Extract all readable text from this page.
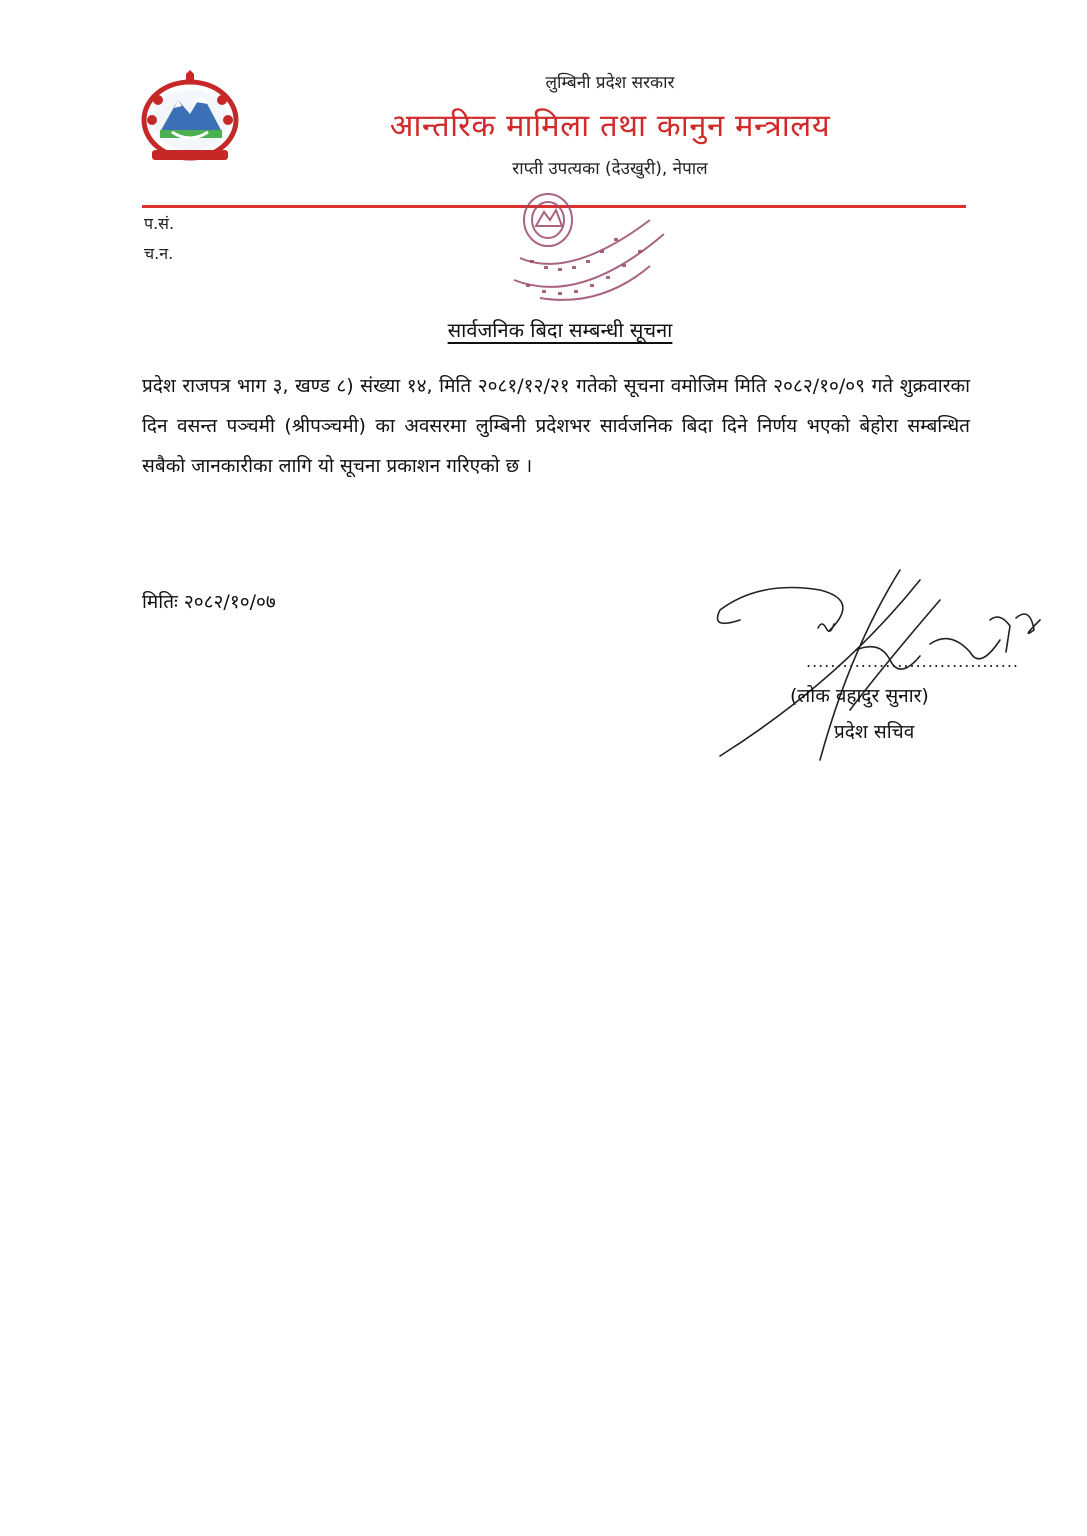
लुम्बिनी प्रदेश सरकार
आन्तरिक मामिला तथा कानुन मन्त्रालय
राप्ती उपत्यका (देउखुरी), नेपाल
प.सं.
च.न.
सार्वजनिक बिदा सम्बन्धी सूचना
प्रदेश राजपत्र भाग ३, खण्ड ८) संख्या १४, मिति २०८१/१२/२१ गतेको सूचना वमोजिम मिति २०८२/१०/०९ गते शुक्रवारका दिन वसन्त पञ्चमी (श्रीपञ्चमी) का अवसरमा लुम्बिनी प्रदेशभर सार्वजनिक बिदा दिने निर्णय भएको बेहोरा सम्बन्धित सबैको जानकारीका लागि यो सूचना प्रकाशन गरिएको छ ।
मितिः २०८२/१०/०७
...................................
(लोक वहादुर सुनार)
प्रदेश सचिव
